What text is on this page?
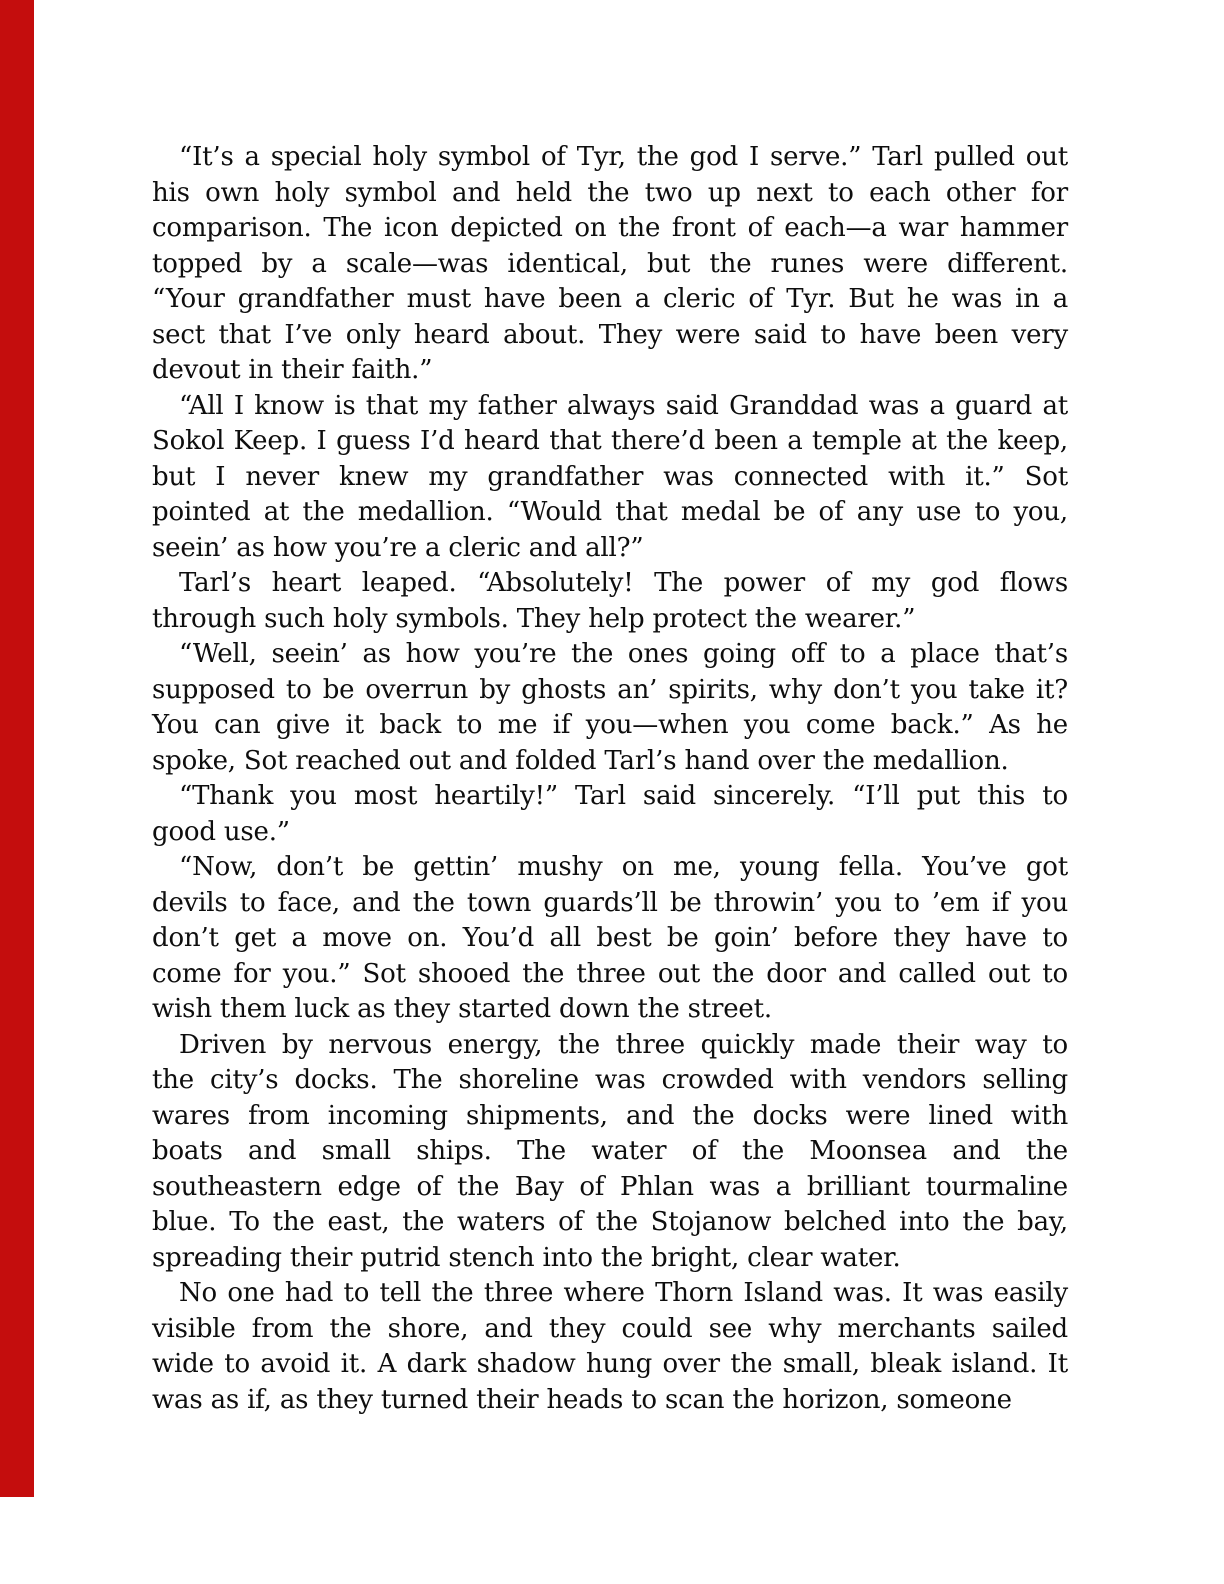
“It’s a special holy symbol of Tyr, the god I serve.” Tarl pulled out
his own holy symbol and held the two up next to each other for
comparison. The icon depicted on the front of each—a war hammer
topped by a scale—was identical, but the runes were different.
“Your grandfather must have been a cleric of Tyr. But he was in a
sect that I’ve only heard about. They were said to have been very
devout in their faith.”
“All I know is that my father always said Granddad was a guard at
Sokol Keep. I guess I’d heard that there’d been a temple at the keep,
but I never knew my grandfather was connected with it.” Sot
pointed at the medallion. “Would that medal be of any use to you,
seein’ as how you’re a cleric and all?”
Tarl’s heart leaped. “Absolutely! The power of my god flows
through such holy symbols. They help protect the wearer.”
“Well, seein’ as how you’re the ones going off to a place that’s
supposed to be overrun by ghosts an’ spirits, why don’t you take it?
You can give it back to me if you—when you come back.” As he
spoke, Sot reached out and folded Tarl’s hand over the medallion.
“Thank you most heartily!” Tarl said sincerely. “I’ll put this to
good use.”
“Now, don’t be gettin’ mushy on me, young fella. You’ve got
devils to face, and the town guards’ll be throwin’ you to ’em if you
don’t get a move on. You’d all best be goin’ before they have to
come for you.” Sot shooed the three out the door and called out to
wish them luck as they started down the street.
Driven by nervous energy, the three quickly made their way to
the city’s docks. The shoreline was crowded with vendors selling
wares from incoming shipments, and the docks were lined with
boats and small ships. The water of the Moonsea and the
southeastern edge of the Bay of Phlan was a brilliant tourmaline
blue. To the east, the waters of the Stojanow belched into the bay,
spreading their putrid stench into the bright, clear water.
No one had to tell the three where Thorn Island was. It was easily
visible from the shore, and they could see why merchants sailed
wide to avoid it. A dark shadow hung over the small, bleak island. It
was as if, as they turned their heads to scan the horizon, someone
